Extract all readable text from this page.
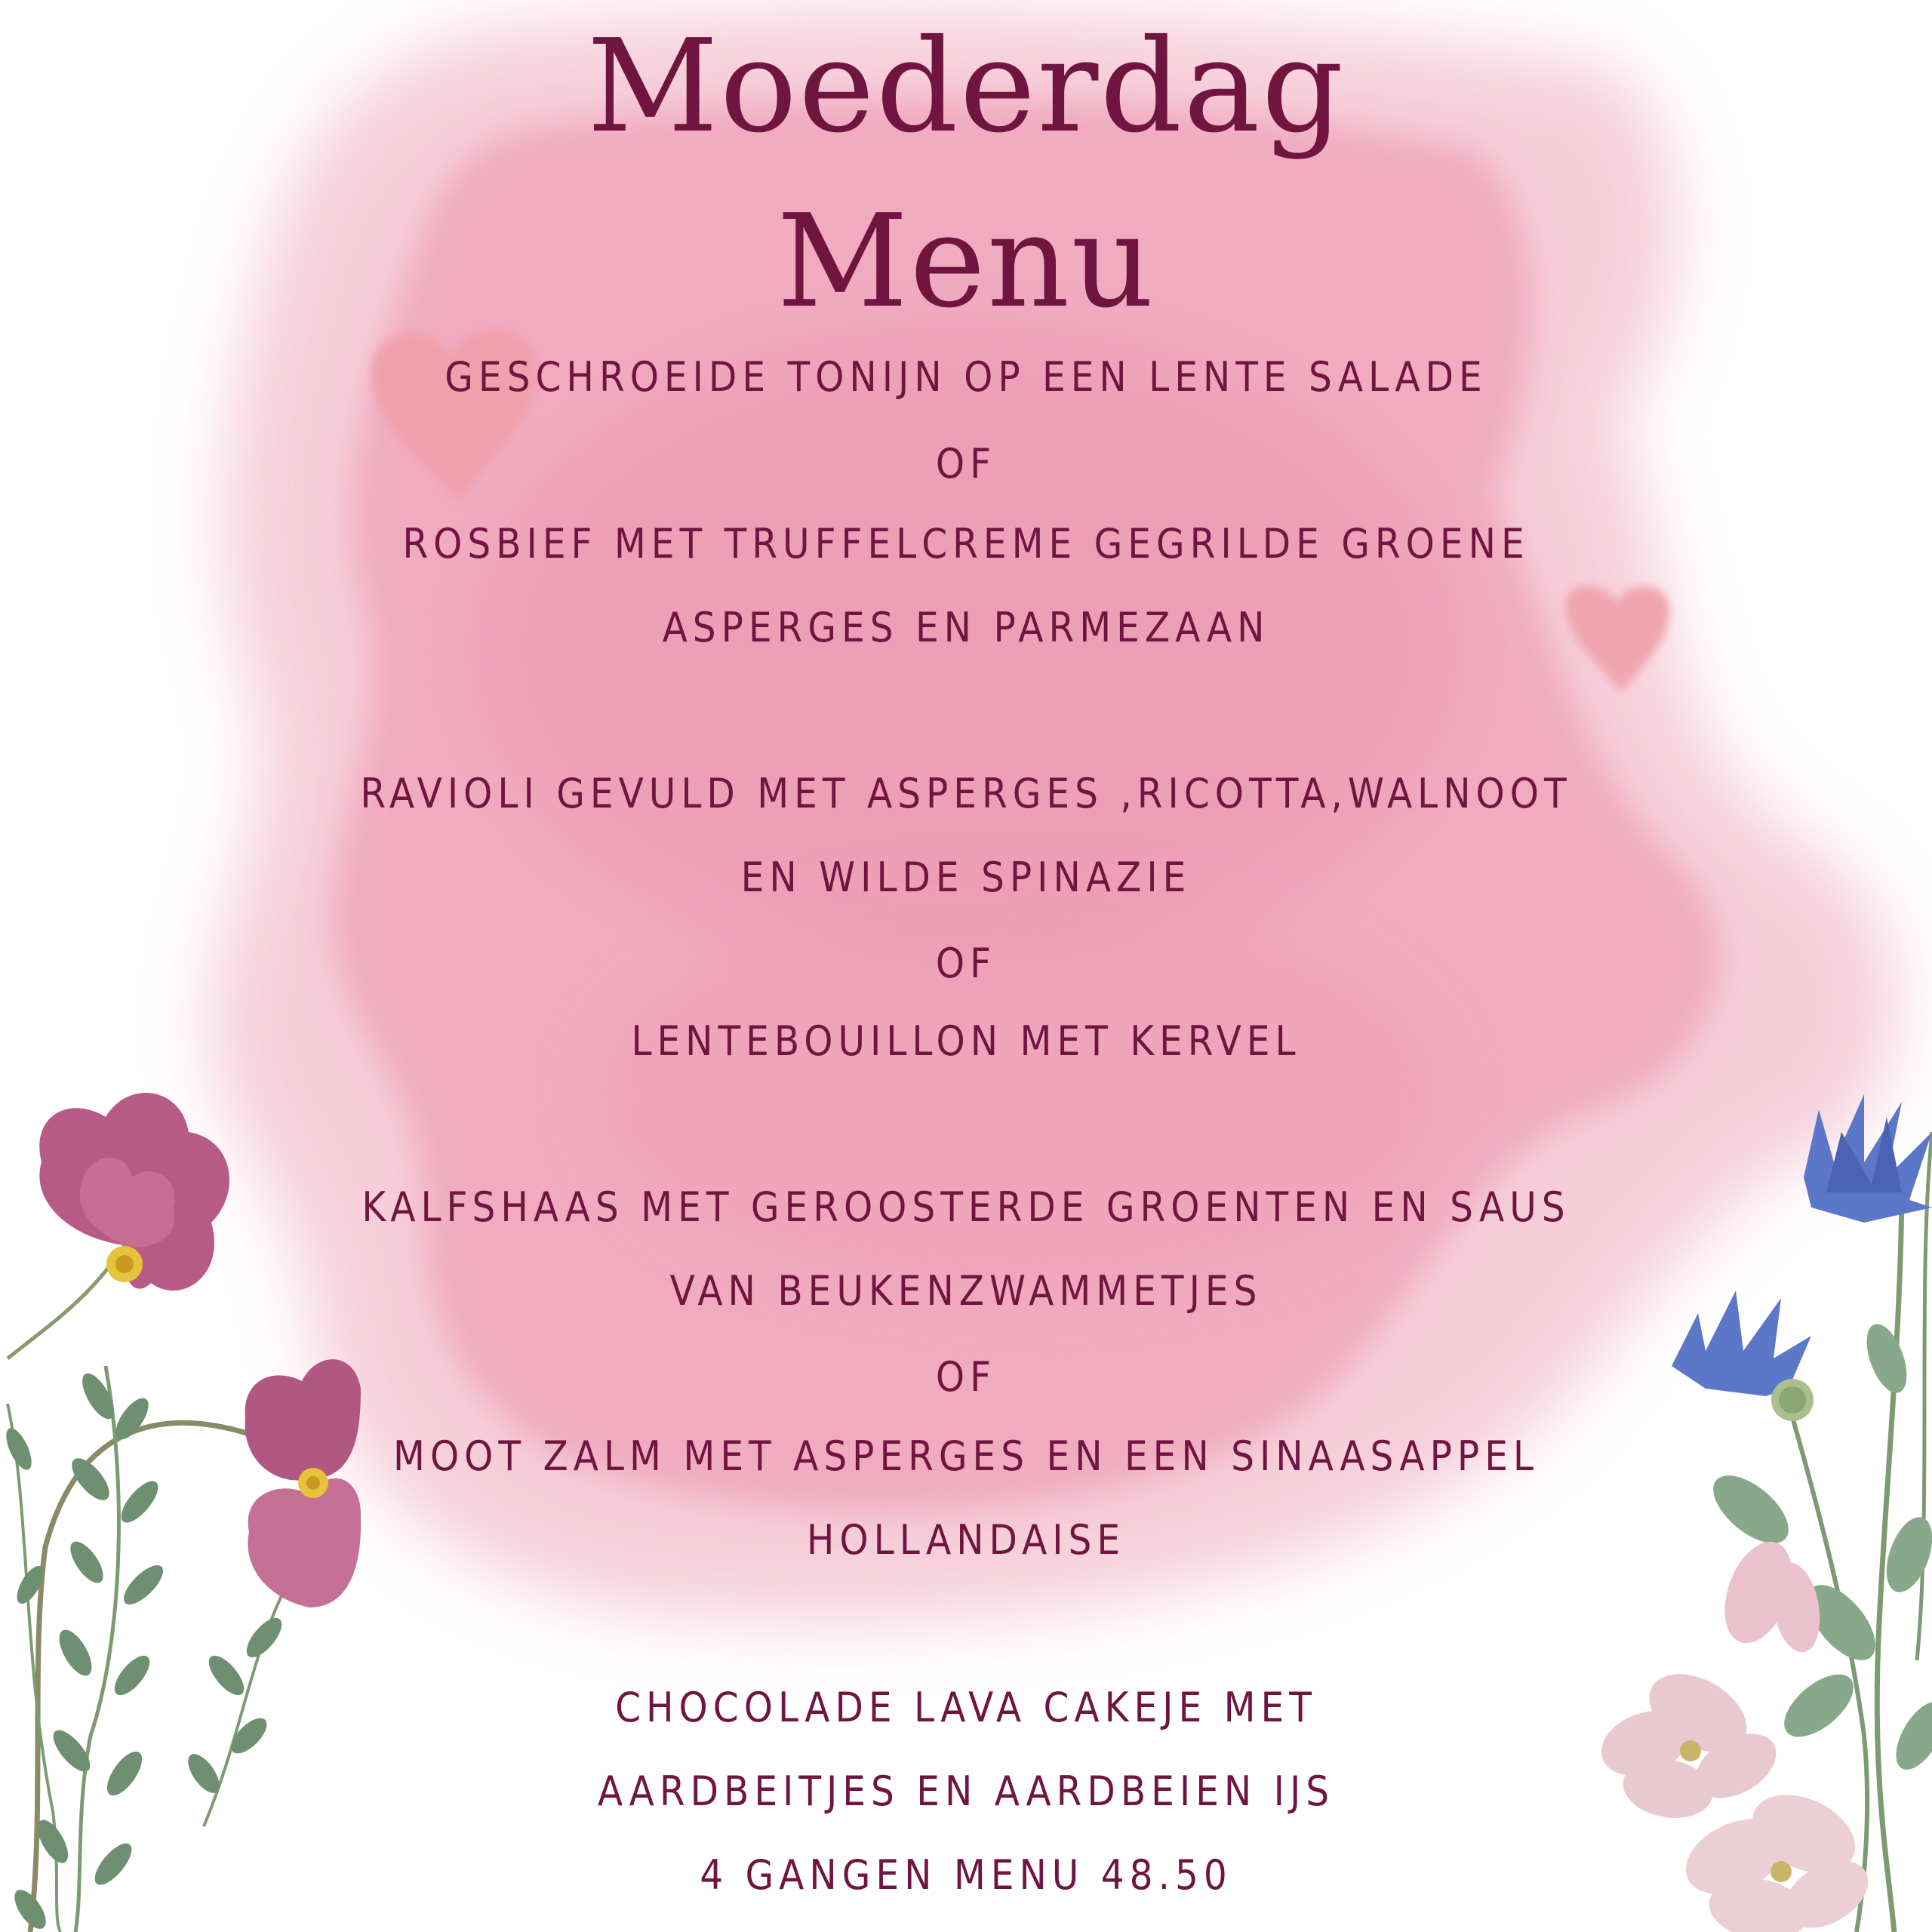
Moederdag
Menu
GESCHROEIDE TONIJN OP EEN LENTE SALADE
OF
ROSBIEF MET TRUFFELCREME GEGRILDE GROENE
ASPERGES EN PARMEZAAN
RAVIOLI GEVULD MET ASPERGES ,RICOTTA,WALNOOT
EN WILDE SPINAZIE
OF
LENTEBOUILLON MET KERVEL
KALFSHAAS MET GEROOSTERDE GROENTEN EN SAUS
VAN BEUKENZWAMMETJES
OF
MOOT ZALM MET ASPERGES EN EEN SINAASAPPEL
HOLLANDAISE
CHOCOLADE LAVA CAKEJE MET
AARDBEITJES EN AARDBEIEN IJS
4 GANGEN MENU 48.50
